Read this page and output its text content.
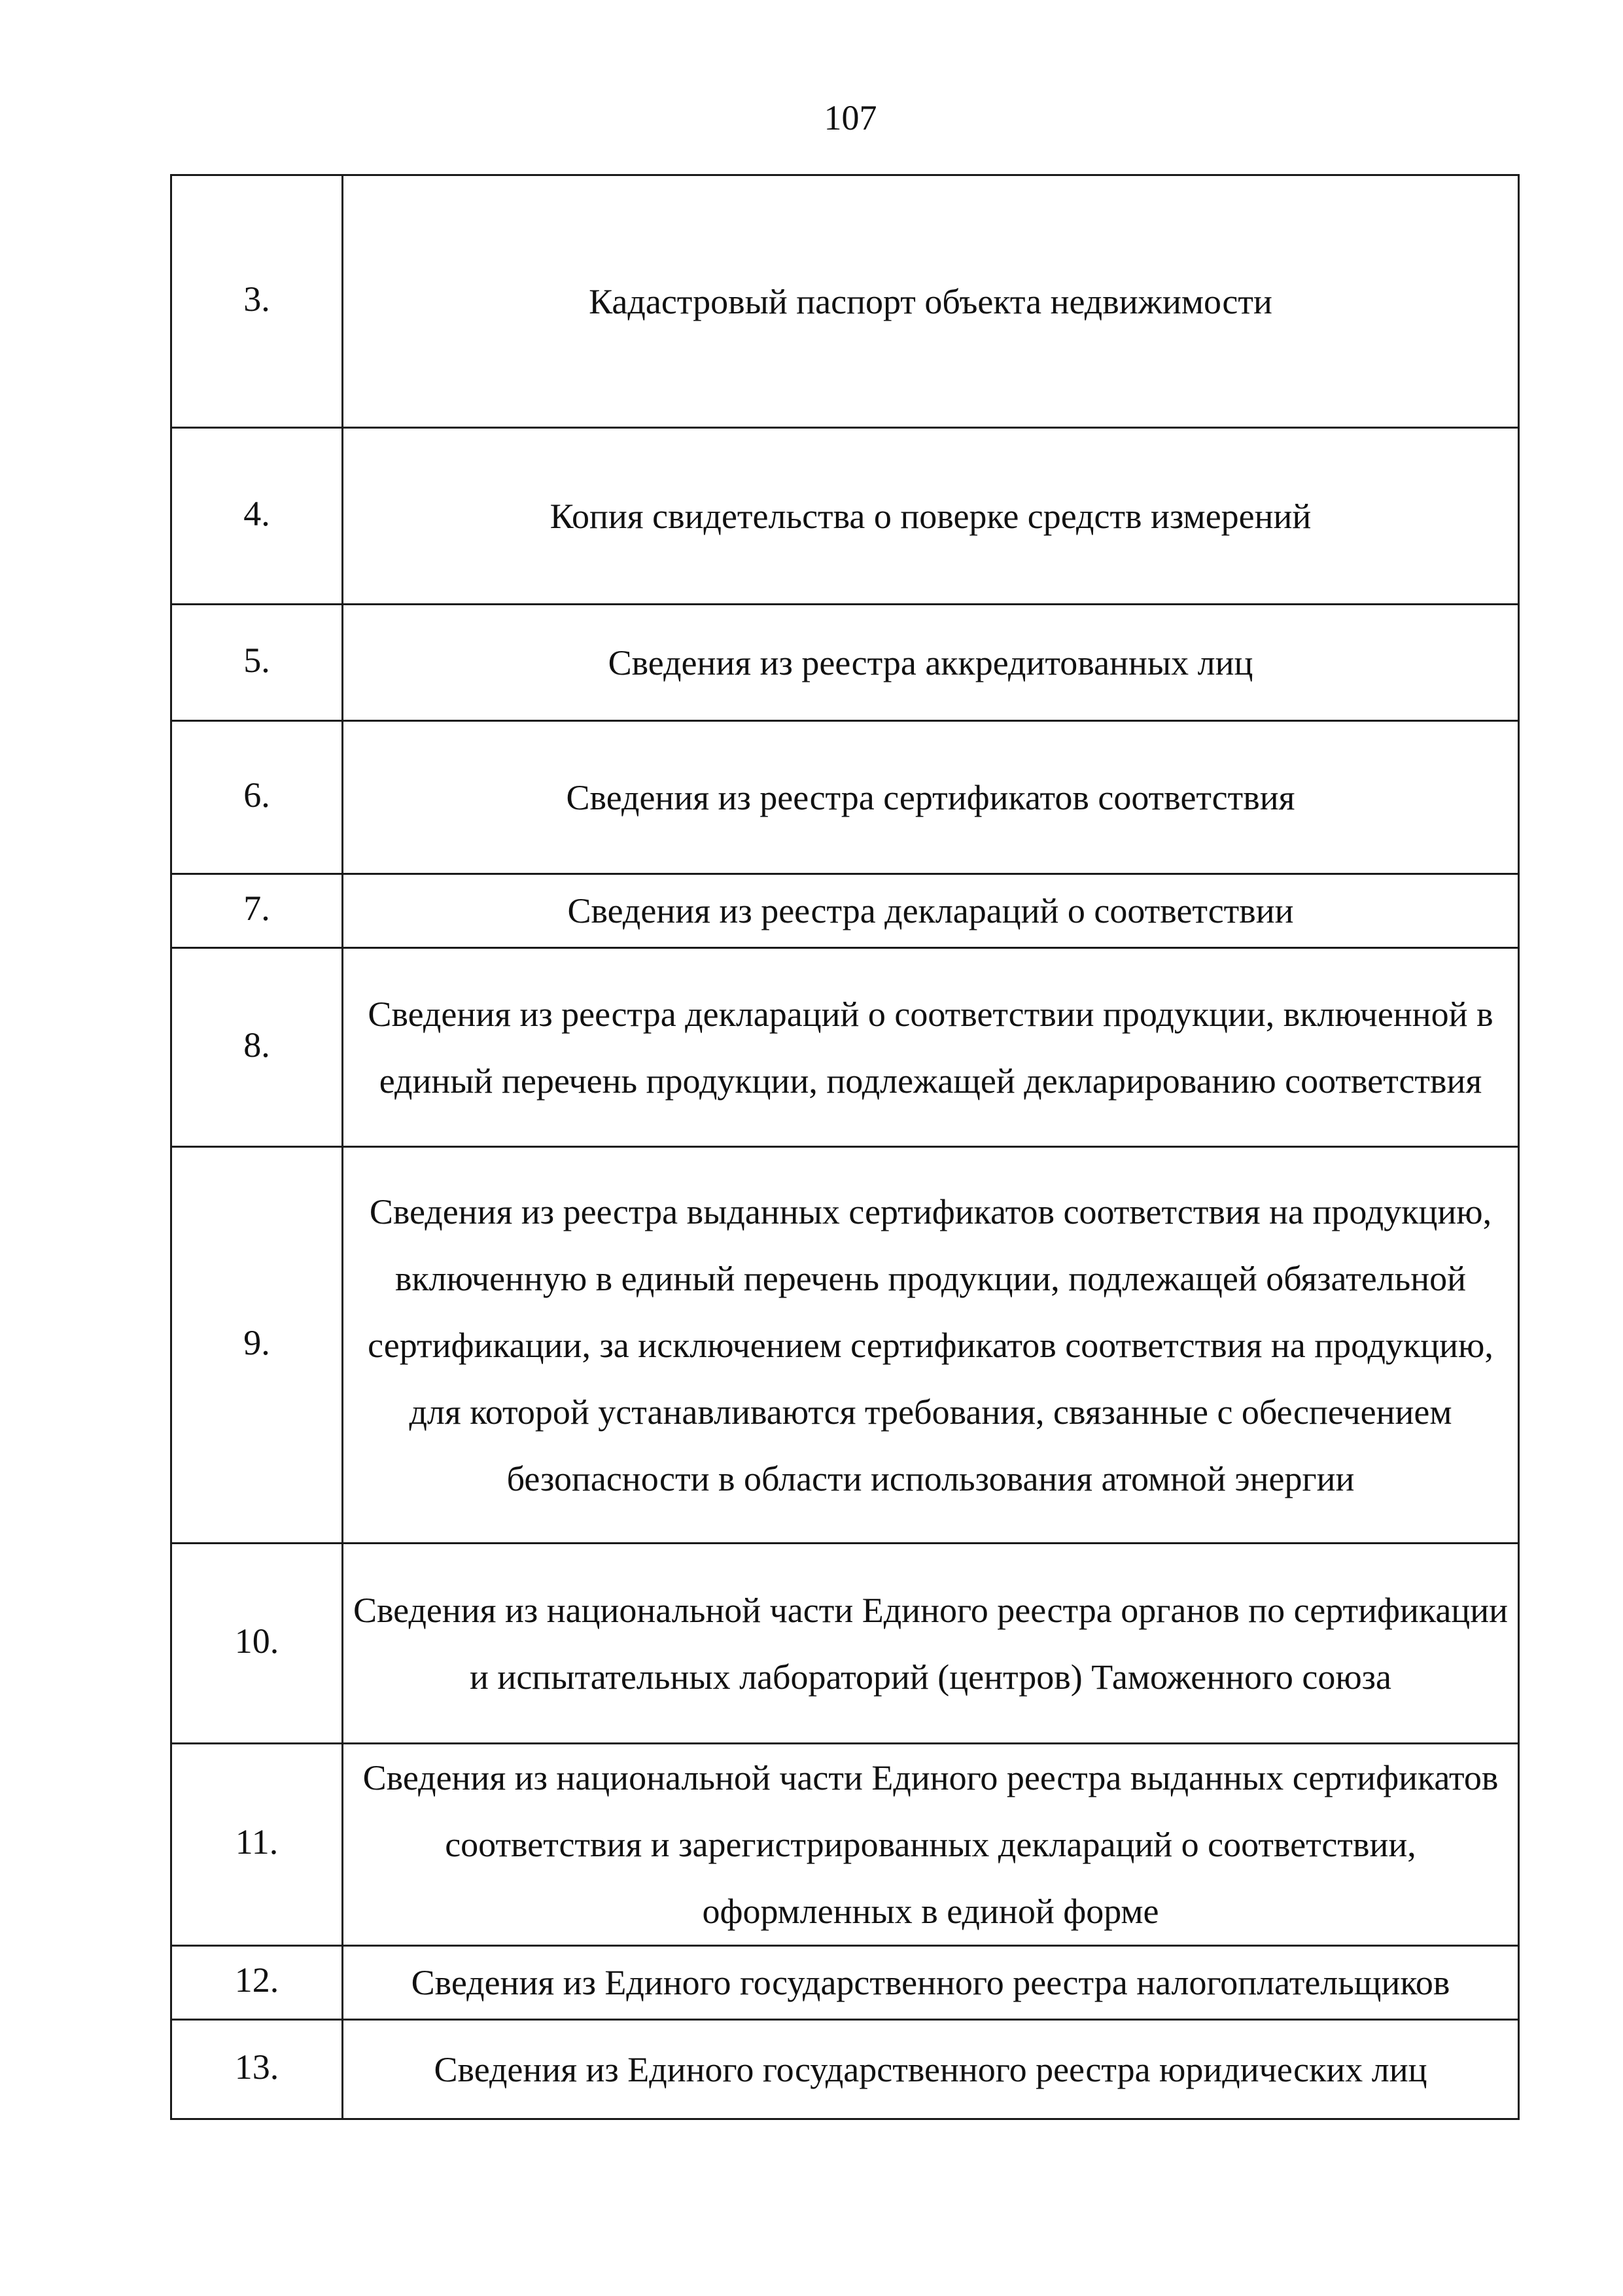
107
3.	Кадастровый паспорт объекта недвижимости
4.	Копия свидетельства о поверке средств измерений
5.	Сведения из реестра аккредитованных лиц
6.	Сведения из реестра сертификатов соответствия
7.	Сведения из реестра деклараций о соответствии
8.	Сведения из реестра деклараций о соответствии продукции, включенной в единый перечень продукции, подлежащей декларированию соответствия
9.	Сведения из реестра выданных сертификатов соответствия на продукцию, включенную в единый перечень продукции, подлежащей обязательной сертификации, за исключением сертификатов соответствия на продукцию, для которой устанавливаются требования, связанные с обеспечением безопасности в области использования атомной энергии
10.	Сведения из национальной части Единого реестра органов по сертификации и испытательных лабораторий (центров) Таможенного союза
11.	Сведения из национальной части Единого реестра выданных сертификатов соответствия и зарегистрированных деклараций о соответствии, оформленных в единой форме
12.	Сведения из Единого государственного реестра налогоплательщиков
13.	Сведения из Единого государственного реестра юридических лиц
